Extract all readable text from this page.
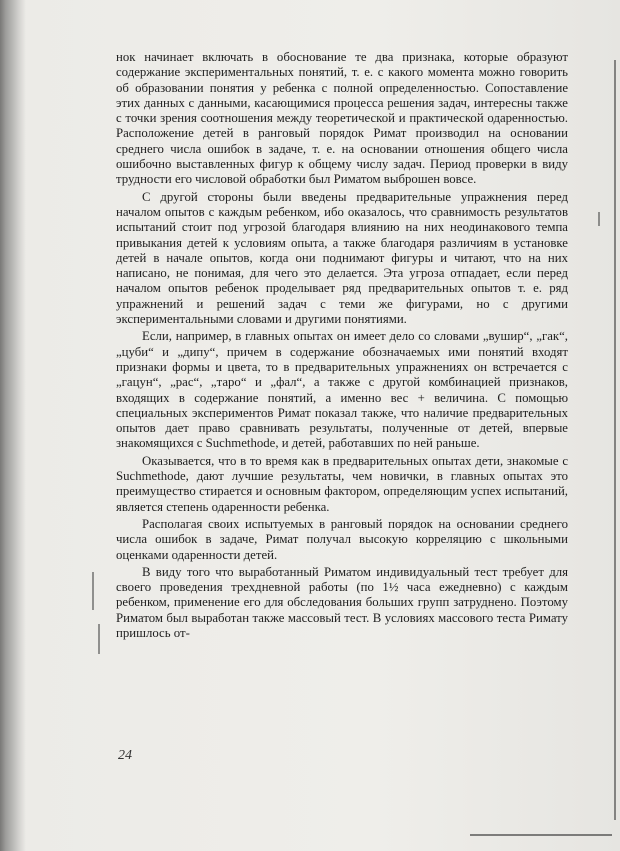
нок начинает включать в обоснование те два признака, которые образуют содержание экспериментальных понятий, т. е. с какого момента можно говорить об образовании понятия у ребенка с полной определенностью. Сопоставление этих данных с данными, касающимися процесса решения задач, интересны также с точки зрения соотношения между теоретической и практической одаренностью. Расположение детей в ранговый порядок Римат производил на основании среднего числа ошибок в задаче, т. е. на основании отношения общего числа ошибочно выставленных фигур к общему числу задач. Период проверки в виду трудности его числовой обработки был Риматом выброшен вовсе.

С другой стороны были введены предварительные упражнения перед началом опытов с каждым ребенком, ибо оказалось, что сравнимость результатов испытаний стоит под угрозой благодаря влиянию на них неодинакового темпа привыкания детей к условиям опыта, а также благодаря различиям в установке детей в начале опытов, когда они поднимают фигуры и читают, что на них написано, не понимая, для чего это делается. Эта угроза отпадает, если перед началом опытов ребенок проделывает ряд предварительных опытов т. е. ряд упражнений и решений задач с теми же фигурами, но с другими экспериментальными словами и другими понятиями.

Если, например, в главных опытах он имеет дело со словами „вушир“, „гак“, „цуби“ и „дипу“, причем в содержание обозначаемых ими понятий входят признаки формы и цвета, то в предварительных упражнениях он встречается с „гацун“, „рас“, „таро“ и „фал“, а также с другой комбинацией признаков, входящих в содержание понятий, а именно вес + величина. С помощью специальных экспериментов Римат показал также, что наличие предварительных опытов дает право сравнивать результаты, полученные от детей, впервые знакомящихся с Suchmethode, и детей, работавших по ней раньше.

Оказывается, что в то время как в предварительных опытах дети, знакомые с Suchmethode, дают лучшие результаты, чем новички, в главных опытах это преимущество стирается и основным фактором, определяющим успех испытаний, является степень одаренности ребенка.

Располагая своих испытуемых в ранговый порядок на основании среднего числа ошибок в задаче, Римат получал высокую корреляцию с школьными оценками одаренности детей.

В виду того что выработанный Риматом индивидуальный тест требует для своего проведения трехдневной работы (по 1½ часа ежедневно) с каждым ребенком, применение его для обследования больших групп затруднено. Поэтому Риматом был выработан также массовый тест. В условиях массового теста Римату пришлось от-

24
